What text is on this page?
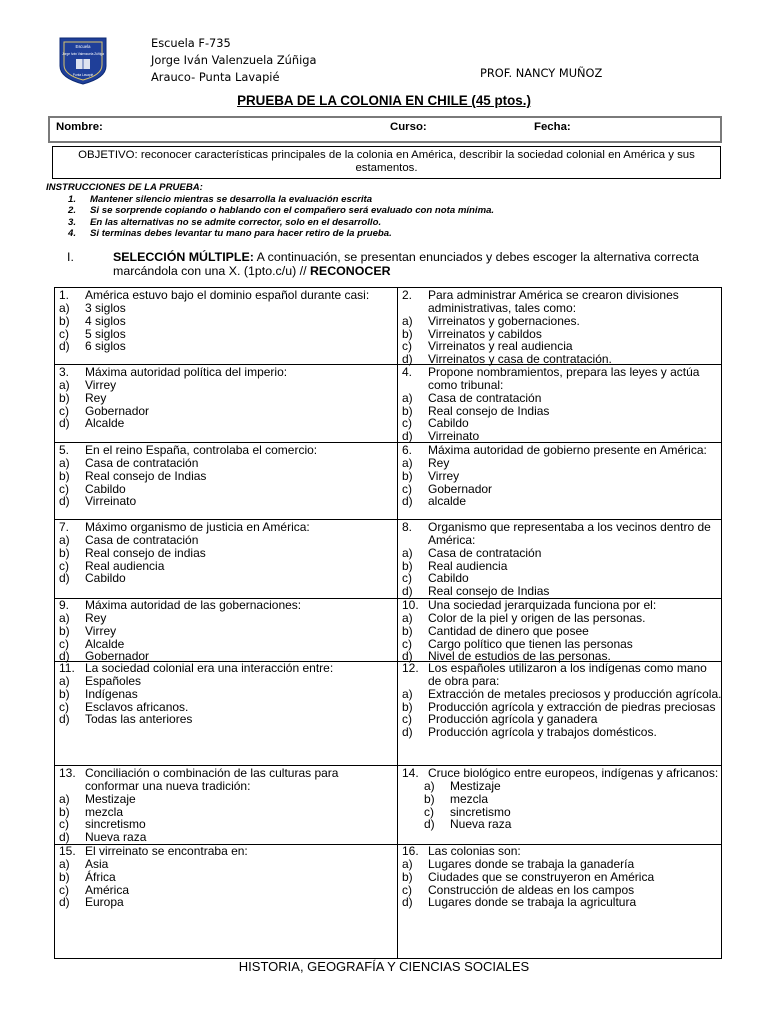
Escuela
Jorge Iván Valenzuela Zúñiga
Punta Lavapié
Escuela F-735
Jorge Iván Valenzuela Zúñiga
Arauco- Punta Lavapié	PROF. NANCY MUÑOZ
PRUEBA DE LA COLONIA EN CHILE (45 ptos.)
Nombre:	Curso:	Fecha:
OBJETIVO: reconocer características principales de la colonia en América, describir la sociedad colonial en América y sus estamentos.
INSTRUCCIONES DE LA PRUEBA:
1. Mantener silencio mientras se desarrolla la evaluación escrita
2. Si se sorprende copiando o hablando con el compañero será evaluado con nota mínima.
3. En las alternativas no se admite corrector, solo en el desarrollo.
4. Si terminas debes levantar tu mano para hacer retiro de la prueba.
I.	SELECCIÓN MÚLTIPLE: A continuación, se presentan enunciados y debes escoger la alternativa correcta marcándola con una X. (1pto.c/u) // RECONOCER
1. América estuvo bajo el dominio español durante casi:
a) 3 siglos
b) 4 siglos
c) 5 siglos
d) 6 siglos
2. Para administrar América se crearon divisiones administrativas, tales como:
a) Virreinatos y gobernaciones.
b) Virreinatos y cabildos
c) Virreinatos y real audiencia
d) Virreinatos y casa de contratación.
3. Máxima autoridad política del imperio:
a) Virrey
b) Rey
c) Gobernador
d) Alcalde
4. Propone nombramientos, prepara las leyes y actúa como tribunal:
a) Casa de contratación
b) Real consejo de Indias
c) Cabildo
d) Virreinato
5. En el reino España, controlaba el comercio:
a) Casa de contratación
b) Real consejo de Indias
c) Cabildo
d) Virreinato
6. Máxima autoridad de gobierno presente en América:
a) Rey
b) Virrey
c) Gobernador
d) alcalde
7. Máximo organismo de justicia en América:
a) Casa de contratación
b) Real consejo de indias
c) Real audiencia
d) Cabildo
8. Organismo que representaba a los vecinos dentro de América:
a) Casa de contratación
b) Real audiencia
c) Cabildo
d) Real consejo de Indias
9. Máxima autoridad de las gobernaciones:
a) Rey
b) Virrey
c) Alcalde
d) Gobernador
10. Una sociedad jerarquizada funciona por el:
a) Color de la piel y origen de las personas.
b) Cantidad de dinero que posee
c) Cargo político que tienen las personas
d) Nivel de estudios de las personas.
11. La sociedad colonial era una interacción entre:
a) Españoles
b) Indígenas
c) Esclavos africanos.
d) Todas las anteriores
12. Los españoles utilizaron a los indígenas como mano de obra para:
a) Extracción de metales preciosos y producción agrícola.
b) Producción agrícola y extracción de piedras preciosas
c) Producción agrícola y ganadera
d) Producción agrícola y trabajos domésticos.
13. Conciliación o combinación de las culturas para conformar una nueva tradición:
a) Mestizaje
b) mezcla
c) sincretismo
d) Nueva raza
14. Cruce biológico entre europeos, indígenas y africanos:
a) Mestizaje
b) mezcla
c) sincretismo
d) Nueva raza
15. El virreinato se encontraba en:
a) Asia
b) África
c) América
d) Europa
16. Las colonias son:
a) Lugares donde se trabaja la ganadería
b) Ciudades que se construyeron en América
c) Construcción de aldeas en los campos
d) Lugares donde se trabaja la agricultura
HISTORIA, GEOGRAFÍA Y CIENCIAS SOCIALES
